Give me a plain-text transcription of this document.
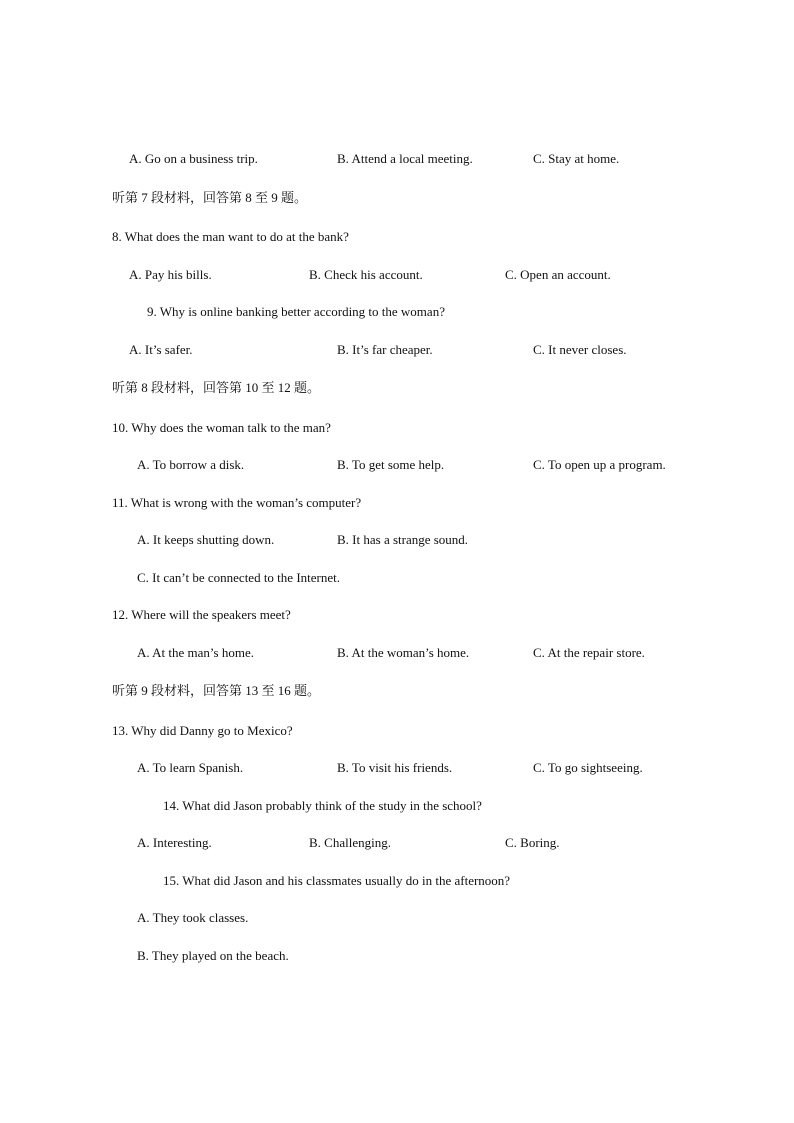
A. Go on a business trip.	B. Attend a local meeting.	C. Stay at home.
听第 7 段材料，回答第 8 至 9 题。
8. What does the man want to do at the bank?
A. Pay his bills.	B. Check his account.	C. Open an account.
9. Why is online banking better according to the woman?
A. It’s safer.	B. It’s far cheaper.	C. It never closes.
听第 8 段材料，回答第 10 至 12 题。
10. Why does the woman talk to the man?
A. To borrow a disk.	B. To get some help.	C. To open up a program.
11. What is wrong with the woman’s computer?
A. It keeps shutting down.	B. It has a strange sound.
C. It can’t be connected to the Internet.
12. Where will the speakers meet?
A. At the man’s home.	B. At the woman’s home.	C. At the repair store.
听第 9 段材料，回答第 13 至 16 题。
13. Why did Danny go to Mexico?
A. To learn Spanish.	B. To visit his friends.	C. To go sightseeing.
14. What did Jason probably think of the study in the school?
A. Interesting.	B. Challenging.	C. Boring.
15. What did Jason and his classmates usually do in the afternoon?
A. They took classes.
B. They played on the beach.
